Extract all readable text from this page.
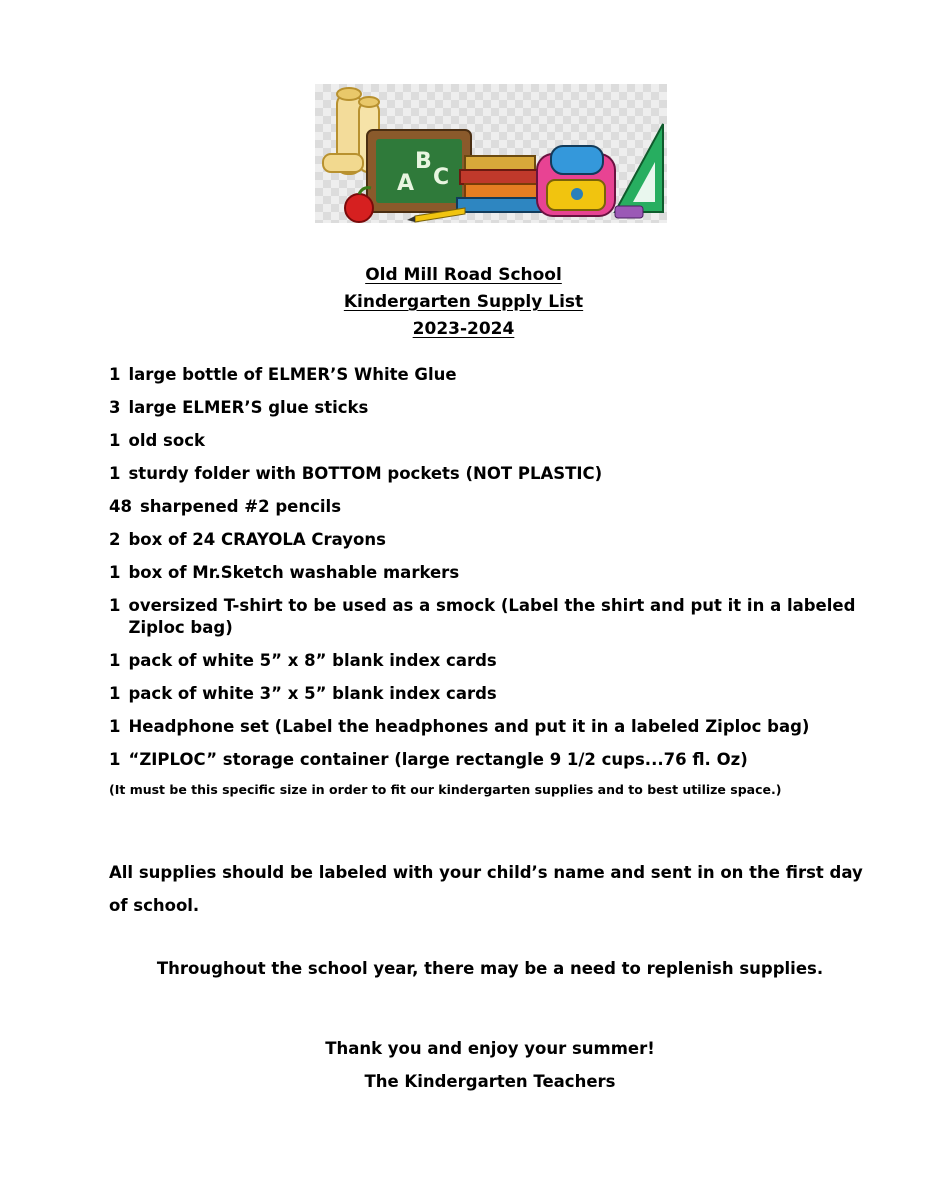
A
B
C
Old Mill Road School
Kindergarten Supply List
2023-2024
1 large bottle of ELMER’S White Glue
3 large ELMER’S glue sticks
1 old sock
1 sturdy folder with BOTTOM pockets (NOT PLASTIC)
48 sharpened #2 pencils
2 box of 24 CRAYOLA Crayons
1 box of Mr.Sketch washable markers
1 oversized T-shirt to be used as a smock (Label the shirt and put it in a labeled Ziploc bag)
1 pack of white 5” x 8” blank index cards
1 pack of white 3” x 5” blank index cards
1 Headphone set (Label the headphones and put it in a labeled Ziploc bag)
1 “ZIPLOC” storage container (large rectangle 9 1/2 cups...76 fl. Oz)
(It must be this specific size in order to fit our kindergarten supplies and to best utilize space.)
All supplies should be labeled with your child’s name and sent in on the first day of school.
Throughout the school year, there may be a need to replenish supplies.
Thank you and enjoy your summer!
The Kindergarten Teachers
